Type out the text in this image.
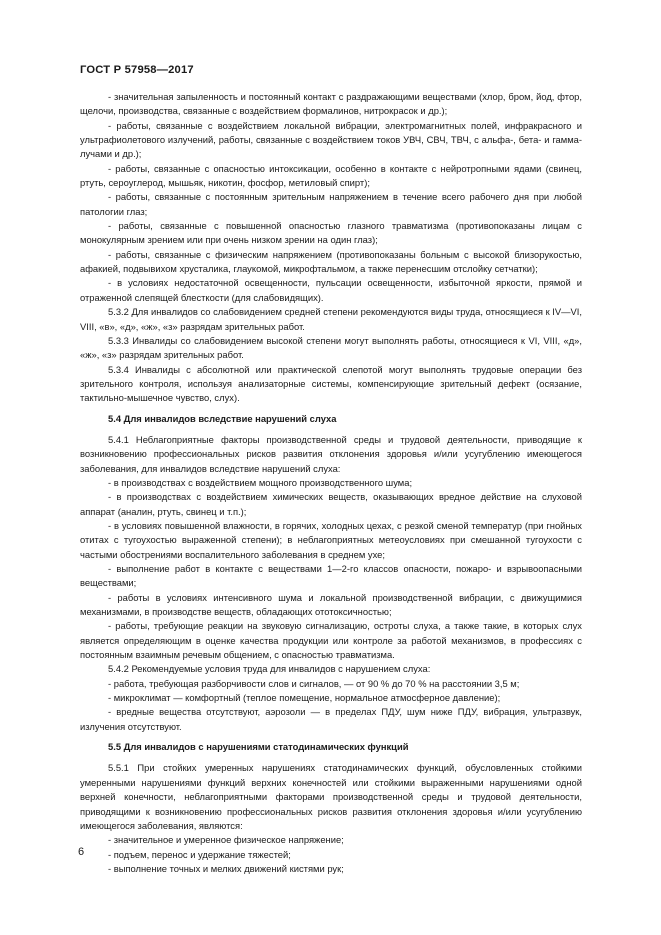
ГОСТ Р 57958—2017

- значительная запыленность и постоянный контакт с раздражающими веществами (хлор, бром, йод, фтор, щелочи, производства, связанные с воздействием формалинов, нитрокрасок и др.);

- работы, связанные с воздействием локальной вибрации, электромагнитных полей, инфракрасного и ультрафиолетового излучений, работы, связанные с воздействием токов УВЧ, СВЧ, ТВЧ, с альфа-, бета- и гамма-лучами и др.);

- работы, связанные с опасностью интоксикации, особенно в контакте с нейротропными ядами (свинец, ртуть, сероуглерод, мышьяк, никотин, фосфор, метиловый спирт);

- работы, связанные с постоянным зрительным напряжением в течение всего рабочего дня при любой патологии глаз;

- работы, связанные с повышенной опасностью глазного травматизма (противопоказаны лицам с монокулярным зрением или при очень низком зрении на один глаз);

- работы, связанные с физическим напряжением (противопоказаны больным с высокой близорукостью, афакией, подвывихом хрусталика, глаукомой, микрофтальмом, а также перенесшим отслойку сетчатки);

- в условиях недостаточной освещенности, пульсации освещенности, избыточной яркости, прямой и отраженной слепящей блесткости (для слабовидящих).

5.3.2 Для инвалидов со слабовидением средней степени рекомендуются виды труда, относящиеся к IV—VI, VIII, «в», «д», «ж», «з» разрядам зрительных работ.

5.3.3 Инвалиды со слабовидением высокой степени могут выполнять работы, относящиеся к VI, VIII, «д», «ж», «з» разрядам зрительных работ.

5.3.4 Инвалиды с абсолютной или практической слепотой могут выполнять трудовые операции без зрительного контроля, используя анализаторные системы, компенсирующие зрительный дефект (осязание, тактильно-мышечное чувство, слух).

5.4 Для инвалидов вследствие нарушений слуха

5.4.1 Неблагоприятные факторы производственной среды и трудовой деятельности, приводящие к возникновению профессиональных рисков развития отклонения здоровья и/или усугублению имеющегося заболевания, для инвалидов вследствие нарушений слуха:

- в производствах с воздействием мощного производственного шума;

- в производствах с воздействием химических веществ, оказывающих вредное действие на слуховой аппарат (аналин, ртуть, свинец и т.п.);

- в условиях повышенной влажности, в горячих, холодных цехах, с резкой сменой температур (при гнойных отитах с тугоухостью выраженной степени); в неблагоприятных метеоусловиях при смешанной тугоухости с частыми обострениями воспалительного заболевания в среднем ухе;

- выполнение работ в контакте с веществами 1—2-го классов опасности, пожаро- и взрывоопасными веществами;

- работы в условиях интенсивного шума и локальной производственной вибрации, с движущимися механизмами, в производстве веществ, обладающих ототоксичностью;

- работы, требующие реакции на звуковую сигнализацию, остроты слуха, а также такие, в которых слух является определяющим в оценке качества продукции или контроле за работой механизмов, в профессиях с постоянным взаимным речевым общением, с опасностью травматизма.

5.4.2 Рекомендуемые условия труда для инвалидов с нарушением слуха:

- работа, требующая разборчивости слов и сигналов, — от 90 % до 70 % на расстоянии 3,5 м;

- микроклимат — комфортный (теплое помещение, нормальное атмосферное давление);

- вредные вещества отсутствуют, аэрозоли — в пределах ПДУ, шум ниже ПДУ, вибрация, ультразвук, излучения отсутствуют.

5.5 Для инвалидов с нарушениями статодинамических функций

5.5.1 При стойких умеренных нарушениях статодинамических функций, обусловленных стойкими умеренными нарушениями функций верхних конечностей или стойкими выраженными нарушениями одной верхней конечности, неблагоприятными факторами производственной среды и трудовой деятельности, приводящими к возникновению профессиональных рисков развития отклонения здоровья и/или усугублению имеющегося заболевания, являются:

- значительное и умеренное физическое напряжение;

- подъем, перенос и удержание тяжестей;

- выполнение точных и мелких движений кистями рук;

6
